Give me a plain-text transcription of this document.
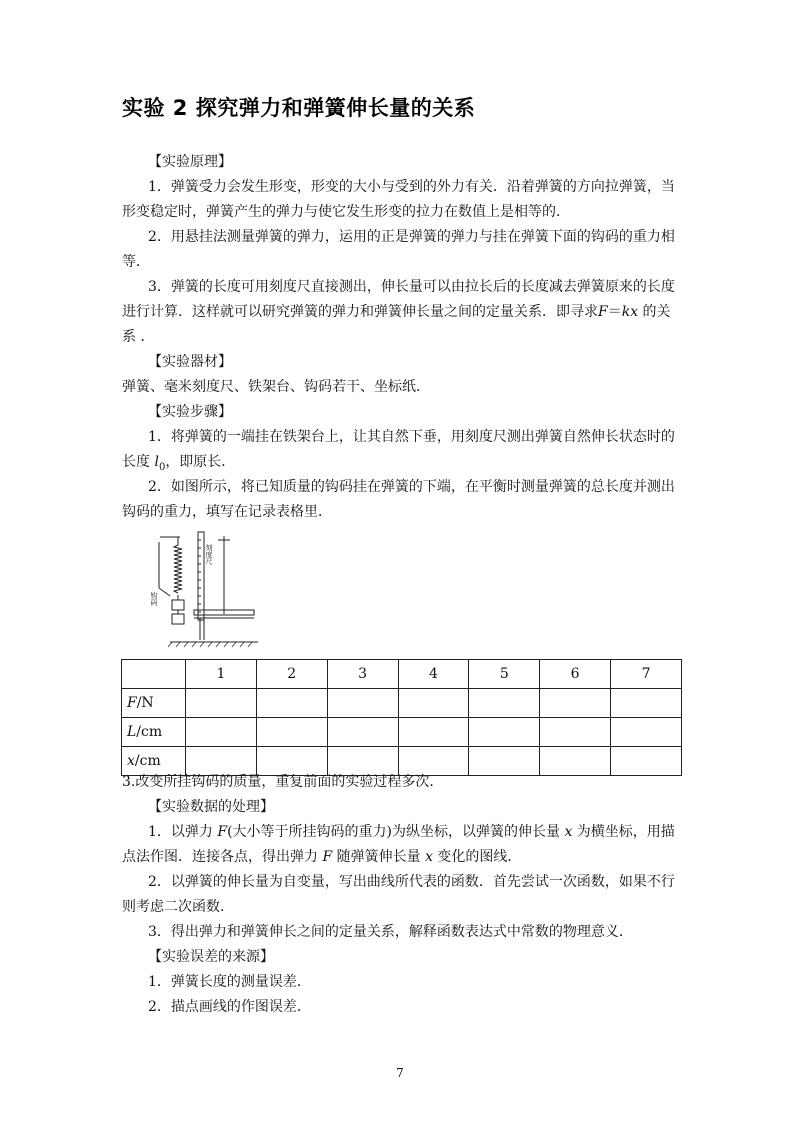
实验 2 探究弹力和弹簧伸长量的关系

【实验原理】

1．弹簧受力会发生形变，形变的大小与受到的外力有关．沿着弹簧的方向拉弹簧，当

形变稳定时，弹簧产生的弹力与使它发生形变的拉力在数值上是相等的．

2．用悬挂法测量弹簧的弹力，运用的正是弹簧的弹力与挂在弹簧下面的钩码的重力相

等．

3．弹簧的长度可用刻度尺直接测出，伸长量可以由拉长后的长度减去弹簧原来的长度

进行计算．这样就可以研究弹簧的弹力和弹簧伸长量之间的定量关系．即寻求F＝kx 的关

系 ．

【实验器材】

弹簧、毫米刻度尺、铁架台、钩码若干、坐标纸．

【实验步骤】

1．将弹簧的一端挂在铁架台上，让其自然下垂，用刻度尺测出弹簧自然伸长状态时的

长度 $l_0$，即原长．

2．如图所示，将已知质量的钩码挂在弹簧的下端，在平衡时测量弹簧的总长度并测出

钩码的重力，填写在记录表格里．

刻度尺
钩码
	1	2	3	4	5	6	7
F/N							
L/cm							
x/cm							

3.改变所挂钩码的质量，重复前面的实验过程多次．

【实验数据的处理】

1．以弹力 F(大小等于所挂钩码的重力)为纵坐标，以弹簧的伸长量 x 为横坐标，用描

点法作图．连接各点，得出弹力 F 随弹簧伸长量 x 变化的图线．

2．以弹簧的伸长量为自变量，写出曲线所代表的函数．首先尝试一次函数，如果不行

则考虑二次函数．

3．得出弹力和弹簧伸长之间的定量关系，解释函数表达式中常数的物理意义．

【实验误差的来源】

1．弹簧长度的测量误差．

2．描点画线的作图误差．

7
